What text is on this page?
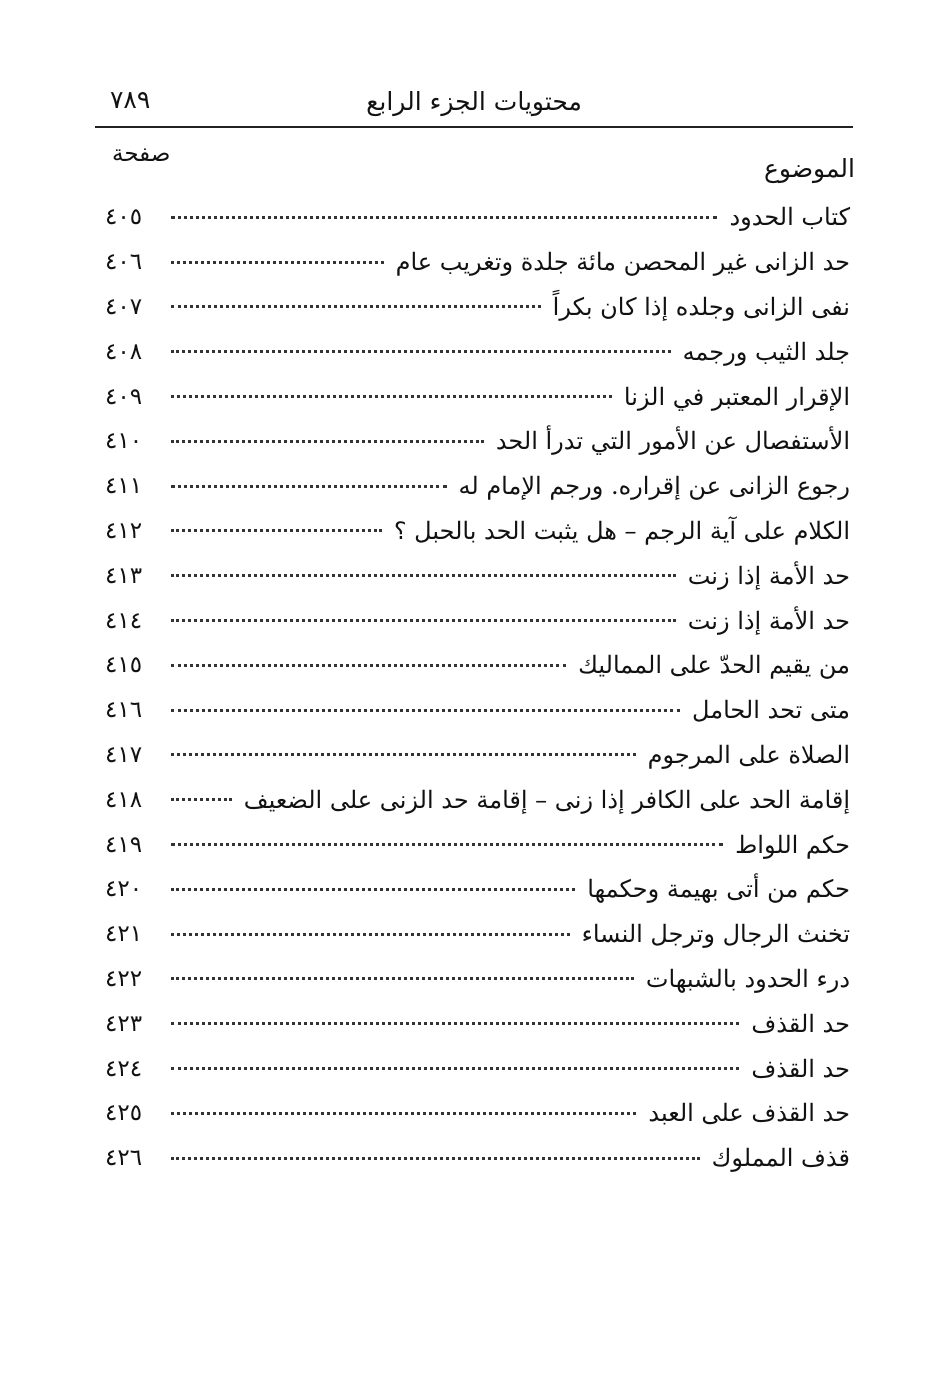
محتويات الجزء الرابع
٧٨٩
صفحة	الموضوع
كتاب الحدود
٤٠٥
حد الزانى غير المحصن مائة جلدة وتغريب عام
٤٠٦
نفى الزانى وجلده إذا كان بكراً
٤٠٧
جلد الثيب ورجمه
٤٠٨
الإقرار المعتبر في الزنا
٤٠٩
الأستفصال عن الأمور التي تدرأ الحد
٤١٠
رجوع الزانى عن إقراره. ورجم الإمام له
٤١١
الكلام على آية الرجم – هل يثبت الحد بالحبل ؟
٤١٢
حد الأمة إذا زنت
٤١٣
حد الأمة إذا زنت
٤١٤
من يقيم الحدّ على المماليك
٤١٥
متى تحد الحامل
٤١٦
الصلاة على المرجوم
٤١٧
إقامة الحد على الكافر إذا زنى – إقامة حد الزنى على الضعيف
٤١٨
حكم اللواط
٤١٩
حكم من أتى بهيمة وحكمها
٤٢٠
تخنث الرجال وترجل النساء
٤٢١
درء الحدود بالشبهات
٤٢٢
حد القذف
٤٢٣
حد القذف
٤٢٤
حد القذف على العبد
٤٢٥
قذف المملوك
٤٢٦
